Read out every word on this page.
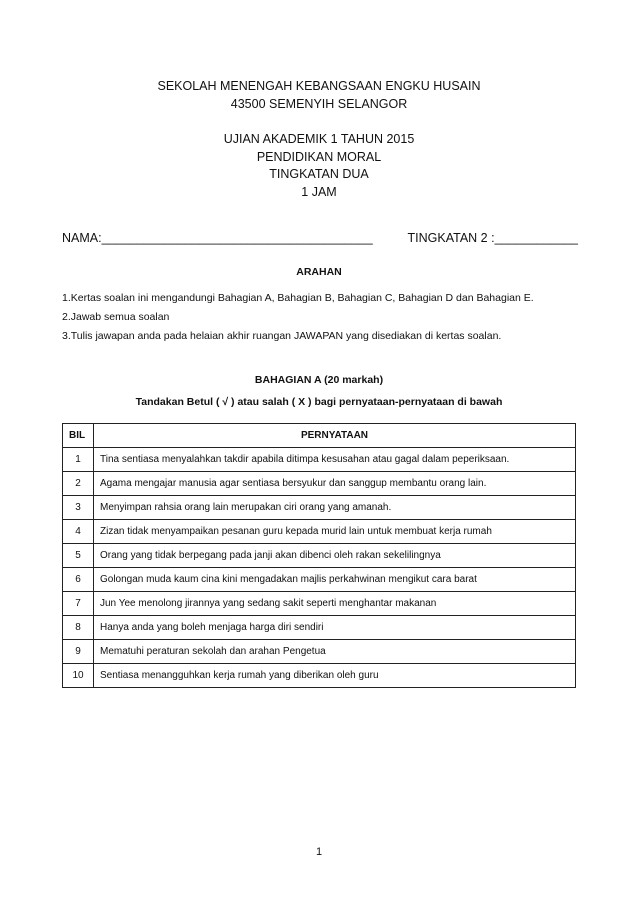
SEKOLAH MENENGAH KEBANGSAAN ENGKU HUSAIN

43500 SEMENYIH SELANGOR

UJIAN AKADEMIK 1 TAHUN 2015

PENDIDIKAN MORAL

TINGKATAN DUA

1 JAM

NAMA:_______________________________________	TINGKATAN 2 :____________
ARAHAN
1.Kertas soalan ini mengandungi Bahagian A, Bahagian B, Bahagian C, Bahagian D dan Bahagian E.
2.Jawab semua soalan
3.Tulis jawapan anda pada helaian akhir ruangan JAWAPAN yang disediakan di kertas soalan.
BAHAGIAN A (20 markah)
Tandakan Betul ( √ ) atau salah ( X ) bagi pernyataan-pernyataan di bawah
BIL	PERNYATAAN
1	Tina sentiasa menyalahkan takdir apabila ditimpa kesusahan atau gagal dalam peperiksaan.
2	Agama mengajar manusia agar sentiasa bersyukur dan sanggup membantu orang lain.
3	Menyimpan rahsia orang lain merupakan ciri orang yang amanah.
4	Zizan tidak menyampaikan pesanan guru kepada murid lain untuk membuat kerja rumah
5	Orang yang tidak berpegang pada janji akan dibenci oleh rakan sekelilingnya
6	Golongan muda kaum cina kini mengadakan majlis perkahwinan mengikut cara barat
7	Jun Yee menolong jirannya yang sedang sakit seperti menghantar makanan
8	Hanya anda yang boleh menjaga harga diri sendiri
9	Mematuhi peraturan sekolah dan arahan Pengetua
10	Sentiasa menangguhkan kerja rumah yang diberikan oleh guru
1
